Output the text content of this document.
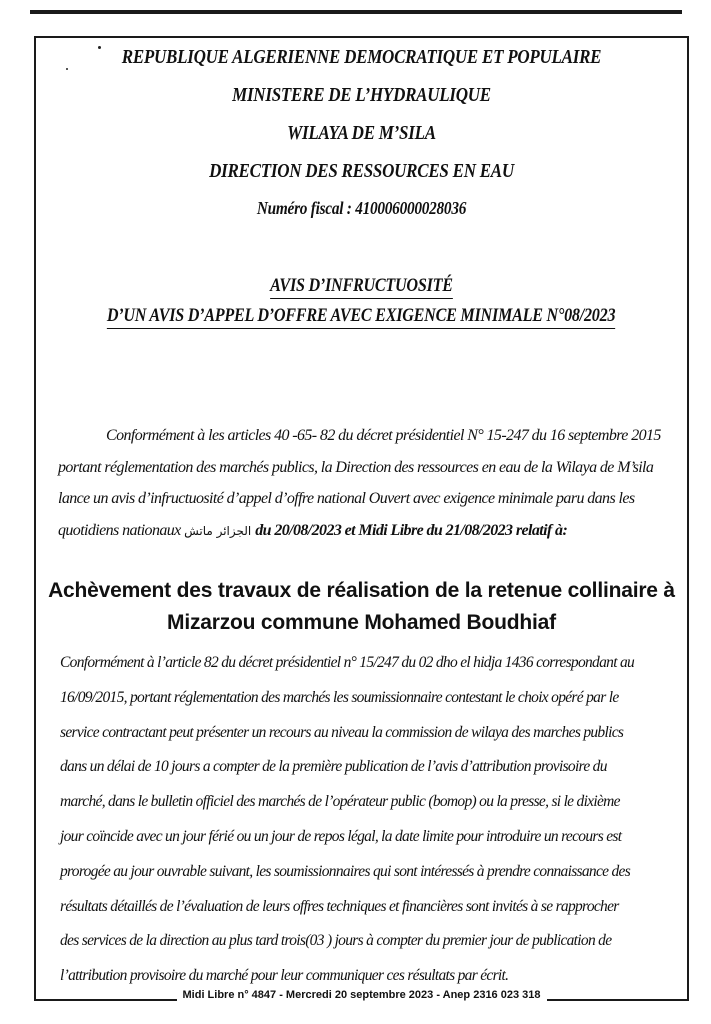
REPUBLIQUE ALGERIENNE DEMOCRATIQUE ET POPULAIRE
MINISTERE DE L’HYDRAULIQUE
WILAYA DE M’SILA
DIRECTION DES RESSOURCES EN EAU
Numéro fiscal : 410006000028036
AVIS D’INFRUCTUOSITÉ
D’UN AVIS D’APPEL D’OFFRE AVEC EXIGENCE MINIMALE N°08/2023
Conformément à les articles 40 -65- 82 du décret présidentiel N° 15-247 du 16 septembre 2015
portant réglementation des marchés publics, la Direction des ressources en eau de la Wilaya de M’sila
lance un avis d’infructuosité d’appel d’offre national Ouvert avec exigence minimale paru dans les
quotidiens nationaux الجزائر ماتش du 20/08/2023 et Midi Libre du 21/08/2023 relatif à:
Achèvement des travaux de réalisation de la retenue collinaire à
Mizarzou commune Mohamed Boudhiaf
Conformément à l’article 82 du décret présidentiel n° 15/247 du 02 dho el hidja 1436 correspondant au
16/09/2015, portant réglementation des marchés les soumissionnaire contestant le choix opéré par le
service contractant peut présenter un recours au niveau la commission de wilaya des marches publics
dans un délai de 10 jours a compter de la première publication de l’avis d’attribution provisoire du
marché, dans le bulletin officiel des marchés de l’opérateur public (bomop) ou la presse, si le dixième
jour coïncide avec un jour férié ou un jour de repos légal, la date limite pour introduire un recours est
prorogée au jour ouvrable suivant, les soumissionnaires qui sont intéressés à prendre connaissance des
résultats détaillés de l’évaluation de leurs offres techniques et financières sont invités à se rapprocher
des services de la direction au plus tard trois(03 ) jours à compter du premier jour de publication de
l’attribution provisoire du marché pour leur communiquer ces résultats par écrit.
Midi Libre n° 4847 - Mercredi 20 septembre 2023 - Anep 2316 023 318
